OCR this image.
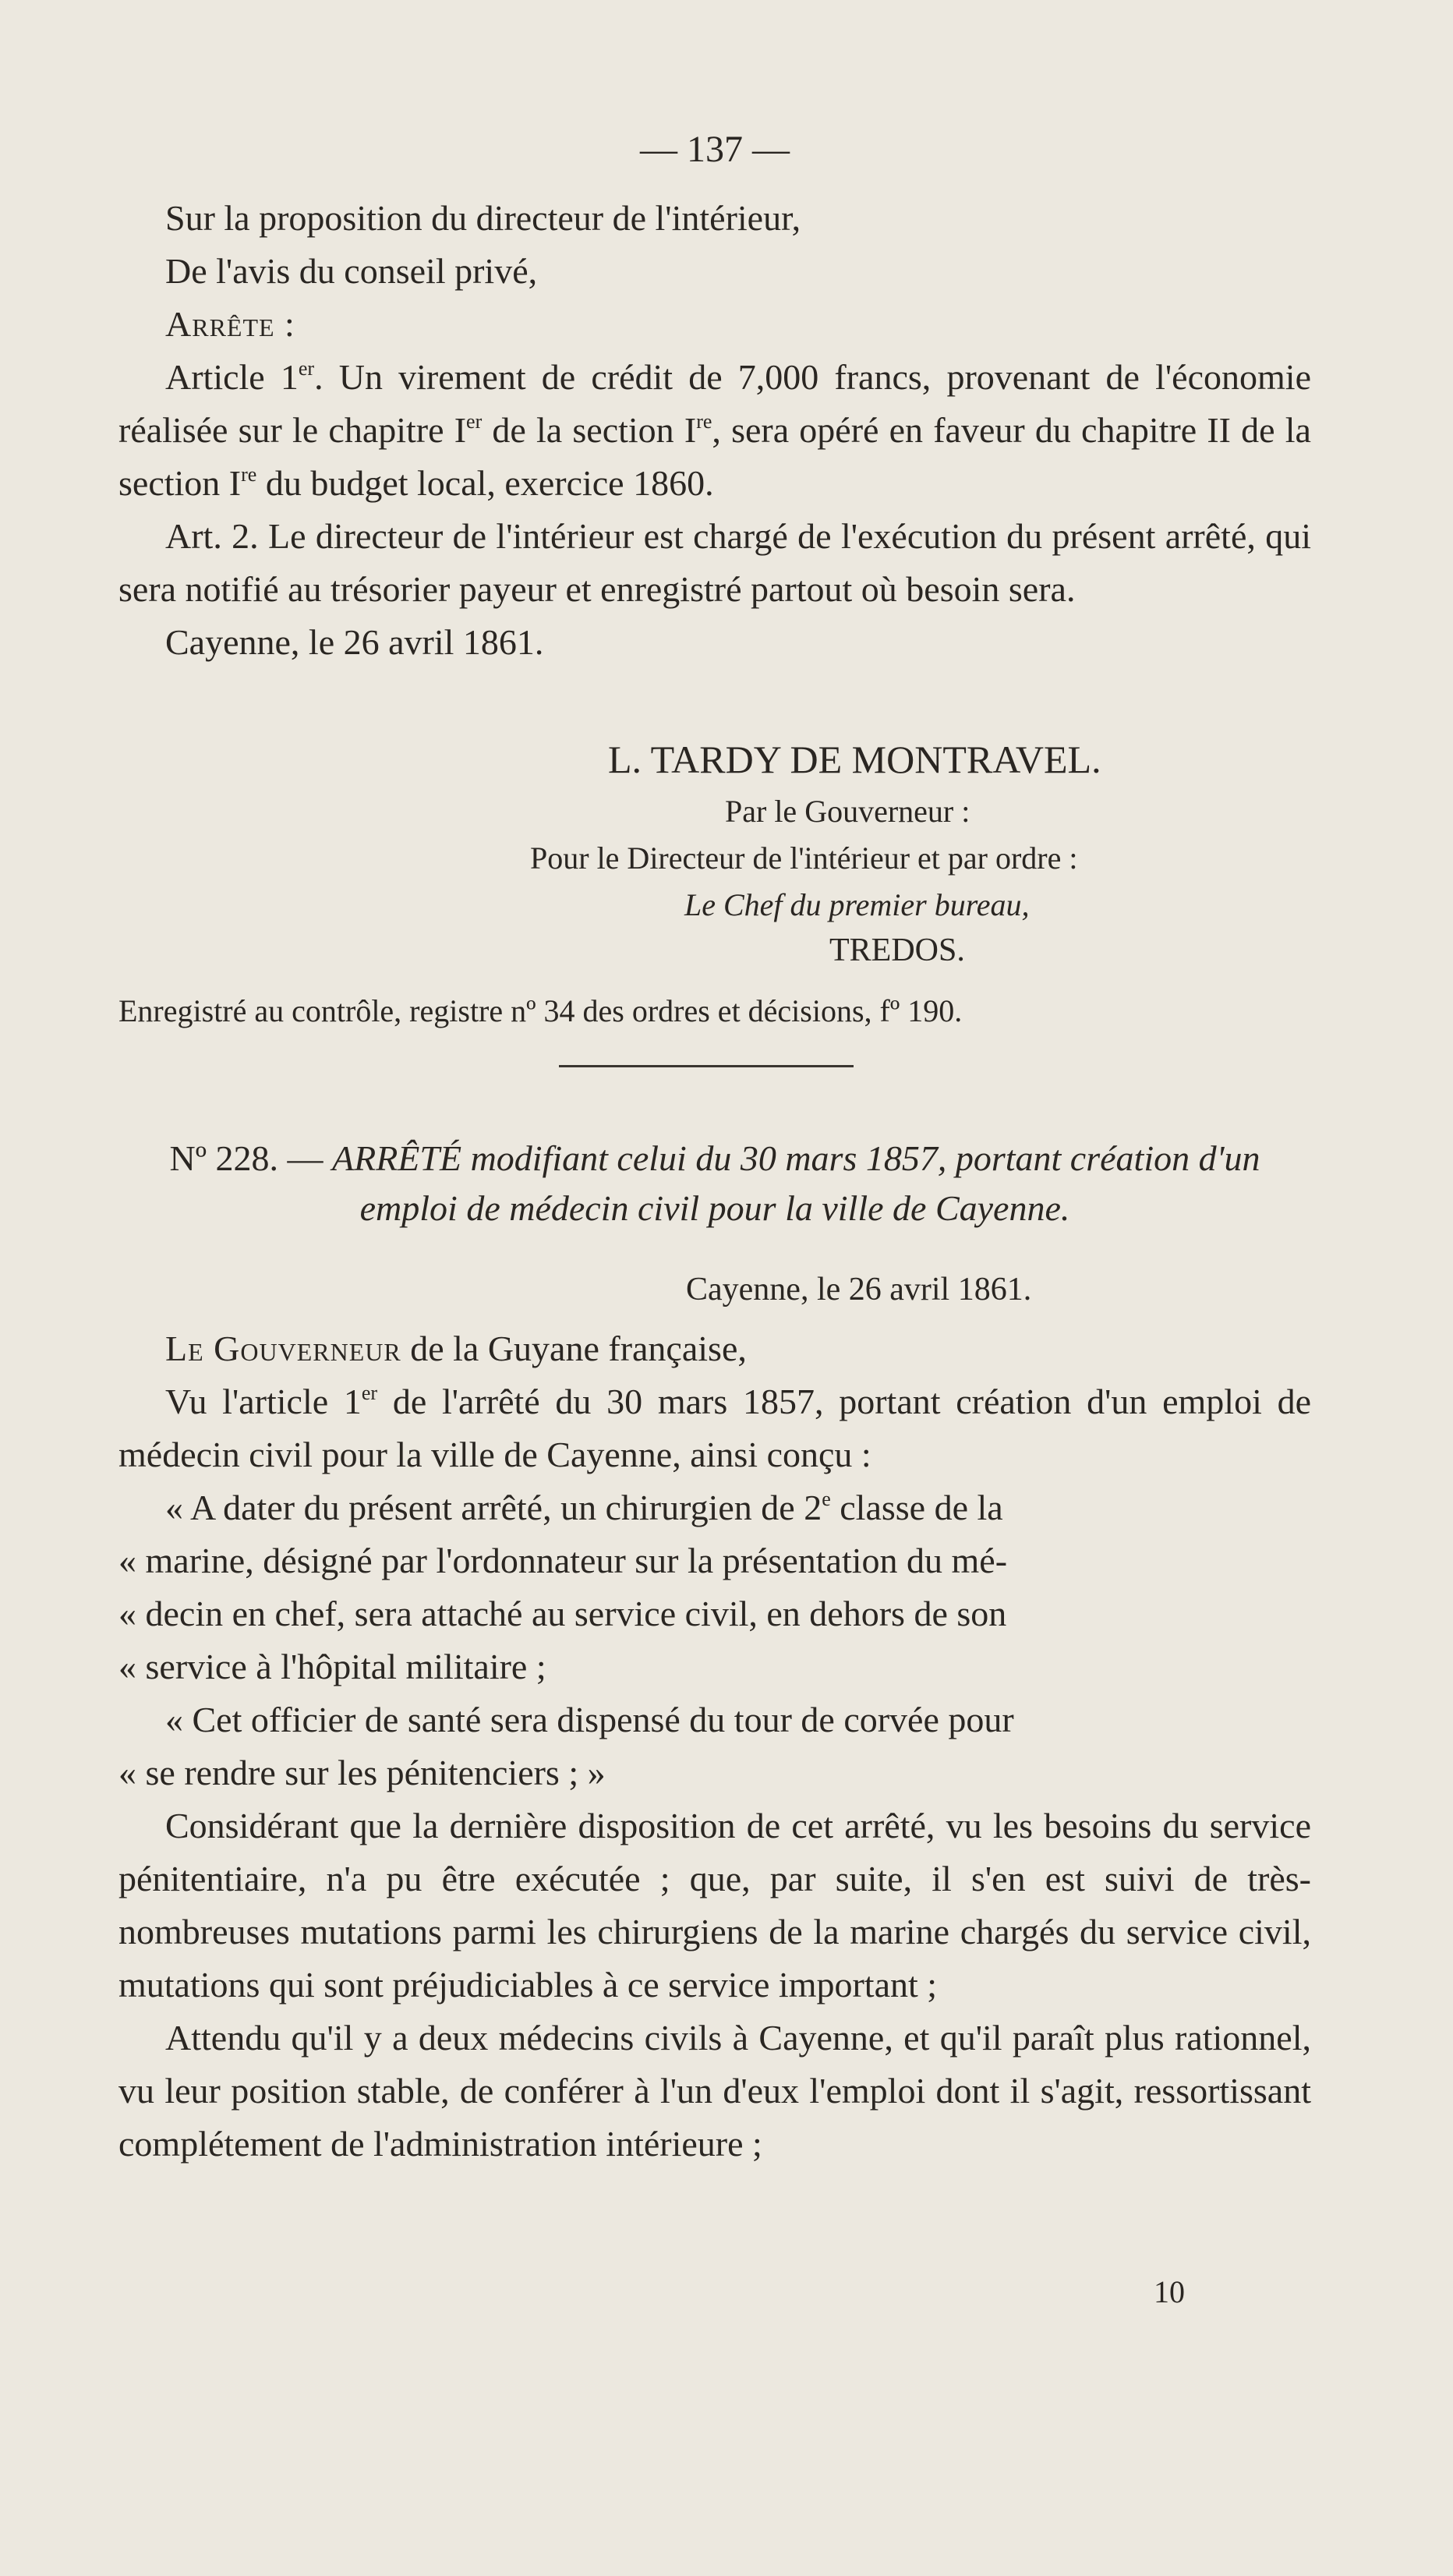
— 137 —

Sur la proposition du directeur de l'intérieur,

De l'avis du conseil privé,

Arrête :

Article 1er. Un virement de crédit de 7,000 francs, provenant de l'économie réalisée sur le chapitre Ier de la section Ire, sera opéré en faveur du chapitre II de la section Ire du budget local, exercice 1860.

Art. 2. Le directeur de l'intérieur est chargé de l'exécution du présent arrêté, qui sera notifié au trésorier payeur et enregistré partout où besoin sera.

Cayenne, le 26 avril 1861.

L. TARDY DE MONTRAVEL.
Par le Gouverneur :
Pour le Directeur de l'intérieur et par ordre :
Le Chef du premier bureau,
TREDOS.
Enregistré au contrôle, registre nº 34 des ordres et décisions, fº 190.
Nº 228. — ARRÊTÉ modifiant celui du 30 mars 1857, portant création d'un emploi de médecin civil pour la ville de Cayenne.
Cayenne, le 26 avril 1861.

Le Gouverneur de la Guyane française,

Vu l'article 1er de l'arrêté du 30 mars 1857, portant création d'un emploi de médecin civil pour la ville de Cayenne, ainsi conçu :

« A dater du présent arrêté, un chirurgien de 2e classe de la
« marine, désigné par l'ordonnateur sur la présentation du mé-
« decin en chef, sera attaché au service civil, en dehors de son
« service à l'hôpital militaire ;
« Cet officier de santé sera dispensé du tour de corvée pour
« se rendre sur les pénitenciers ; »

Considérant que la dernière disposition de cet arrêté, vu les besoins du service pénitentiaire, n'a pu être exécutée ; que, par suite, il s'en est suivi de très-nombreuses mutations parmi les chirurgiens de la marine chargés du service civil, mutations qui sont préjudiciables à ce service important ;

Attendu qu'il y a deux médecins civils à Cayenne, et qu'il paraît plus rationnel, vu leur position stable, de conférer à l'un d'eux l'emploi dont il s'agit, ressortissant complétement de l'administration intérieure ;

10
